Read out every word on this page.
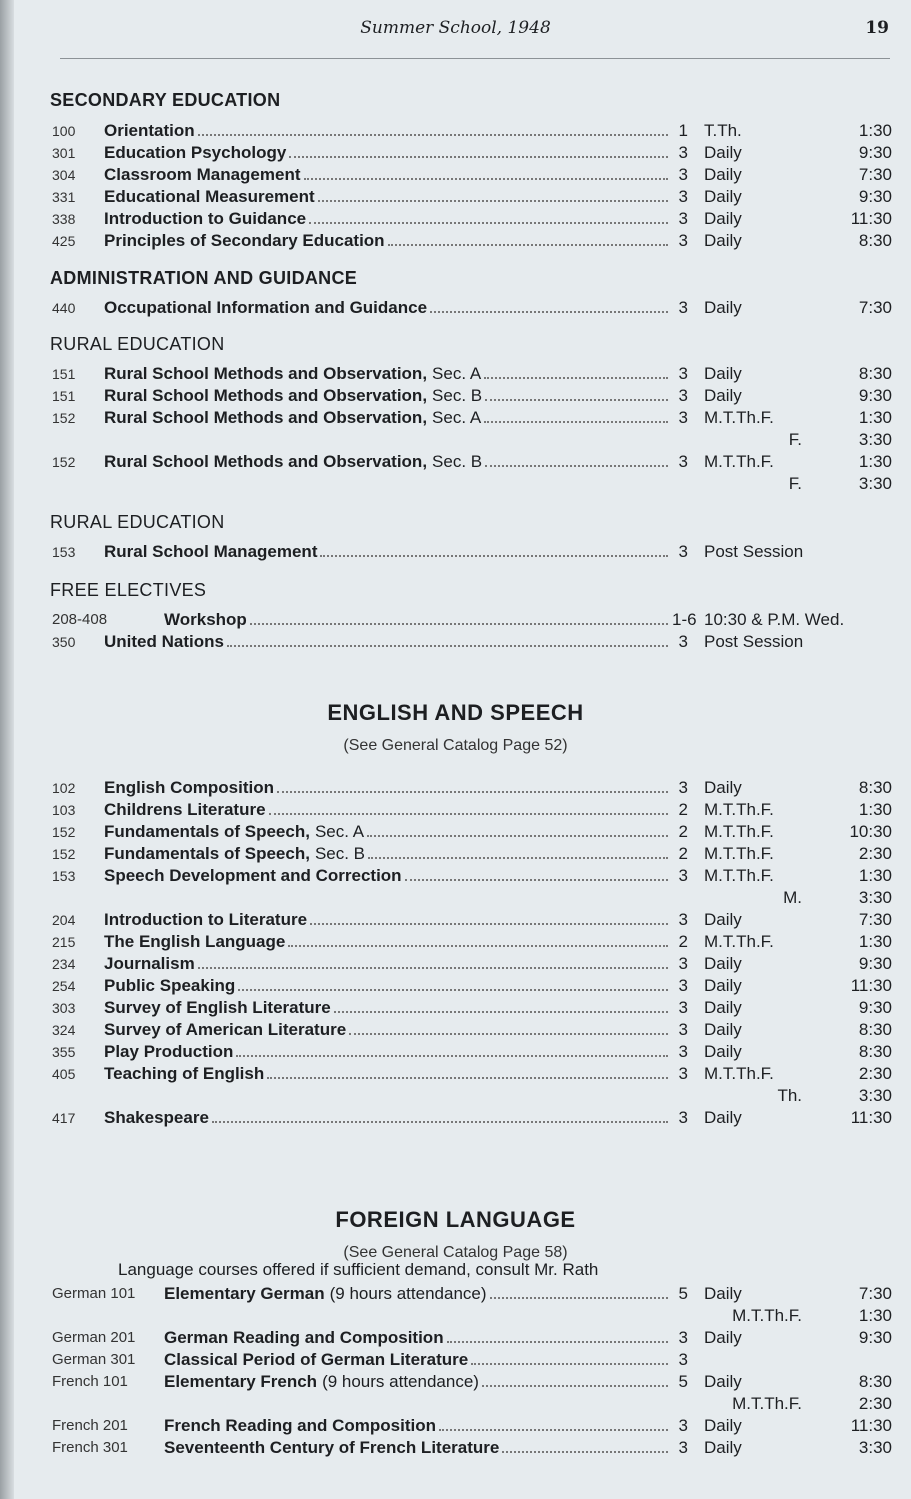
Summer School, 1948	19
SECONDARY EDUCATION
100	Orientation	1 T.Th.	1:30
301	Education Psychology	3 Daily	9:30
304	Classroom Management	3 Daily	7:30
331	Educational Measurement	3 Daily	9:30
338	Introduction to Guidance	3 Daily	11:30
425	Principles of Secondary Education	3 Daily	8:30
ADMINISTRATION AND GUIDANCE
440	Occupational Information and Guidance	3 Daily	7:30
RURAL EDUCATION
151	Rural School Methods and Observation, Sec. A	3 Daily	8:30
151	Rural School Methods and Observation, Sec. B	3 Daily	9:30
152	Rural School Methods and Observation, Sec. A	3 M.T.Th.F.	1:30
F.	3:30
152	Rural School Methods and Observation, Sec. B	3 M.T.Th.F.	1:30
F.	3:30
RURAL EDUCATION
153	Rural School Management	3 Post Session
FREE ELECTIVES
208-408	Workshop	1-6 10:30 & P.M. Wed.
350	United Nations	3 Post Session
ENGLISH AND SPEECH
(See General Catalog Page 52)
102	English Composition	3 Daily	8:30
103	Childrens Literature	2 M.T.Th.F.	1:30
152	Fundamentals of Speech, Sec. A	2 M.T.Th.F.	10:30
152	Fundamentals of Speech, Sec. B	2 M.T.Th.F.	2:30
153	Speech Development and Correction	3 M.T.Th.F.	1:30
M.	3:30
204	Introduction to Literature	3 Daily	7:30
215	The English Language	2 M.T.Th.F.	1:30
234	Journalism	3 Daily	9:30
254	Public Speaking	3 Daily	11:30
303	Survey of English Literature	3 Daily	9:30
324	Survey of American Literature	3 Daily	8:30
355	Play Production	3 Daily	8:30
405	Teaching of English	3 M.T.Th.F.	2:30
Th.	3:30
417	Shakespeare	3 Daily	11:30
FOREIGN LANGUAGE
(See General Catalog Page 58)
Language courses offered if sufficient demand, consult Mr. Rath
German 101	Elementary German (9 hours attendance)	5 Daily	7:30
M.T.Th.F.	1:30
German 201	German Reading and Composition	3 Daily	9:30
German 301	Classical Period of German Literature	3
French 101	Elementary French (9 hours attendance)	5 Daily	8:30
M.T.Th.F.	2:30
French 201	French Reading and Composition	3 Daily	11:30
French 301	Seventeenth Century of French Literature	3 Daily	3:30
